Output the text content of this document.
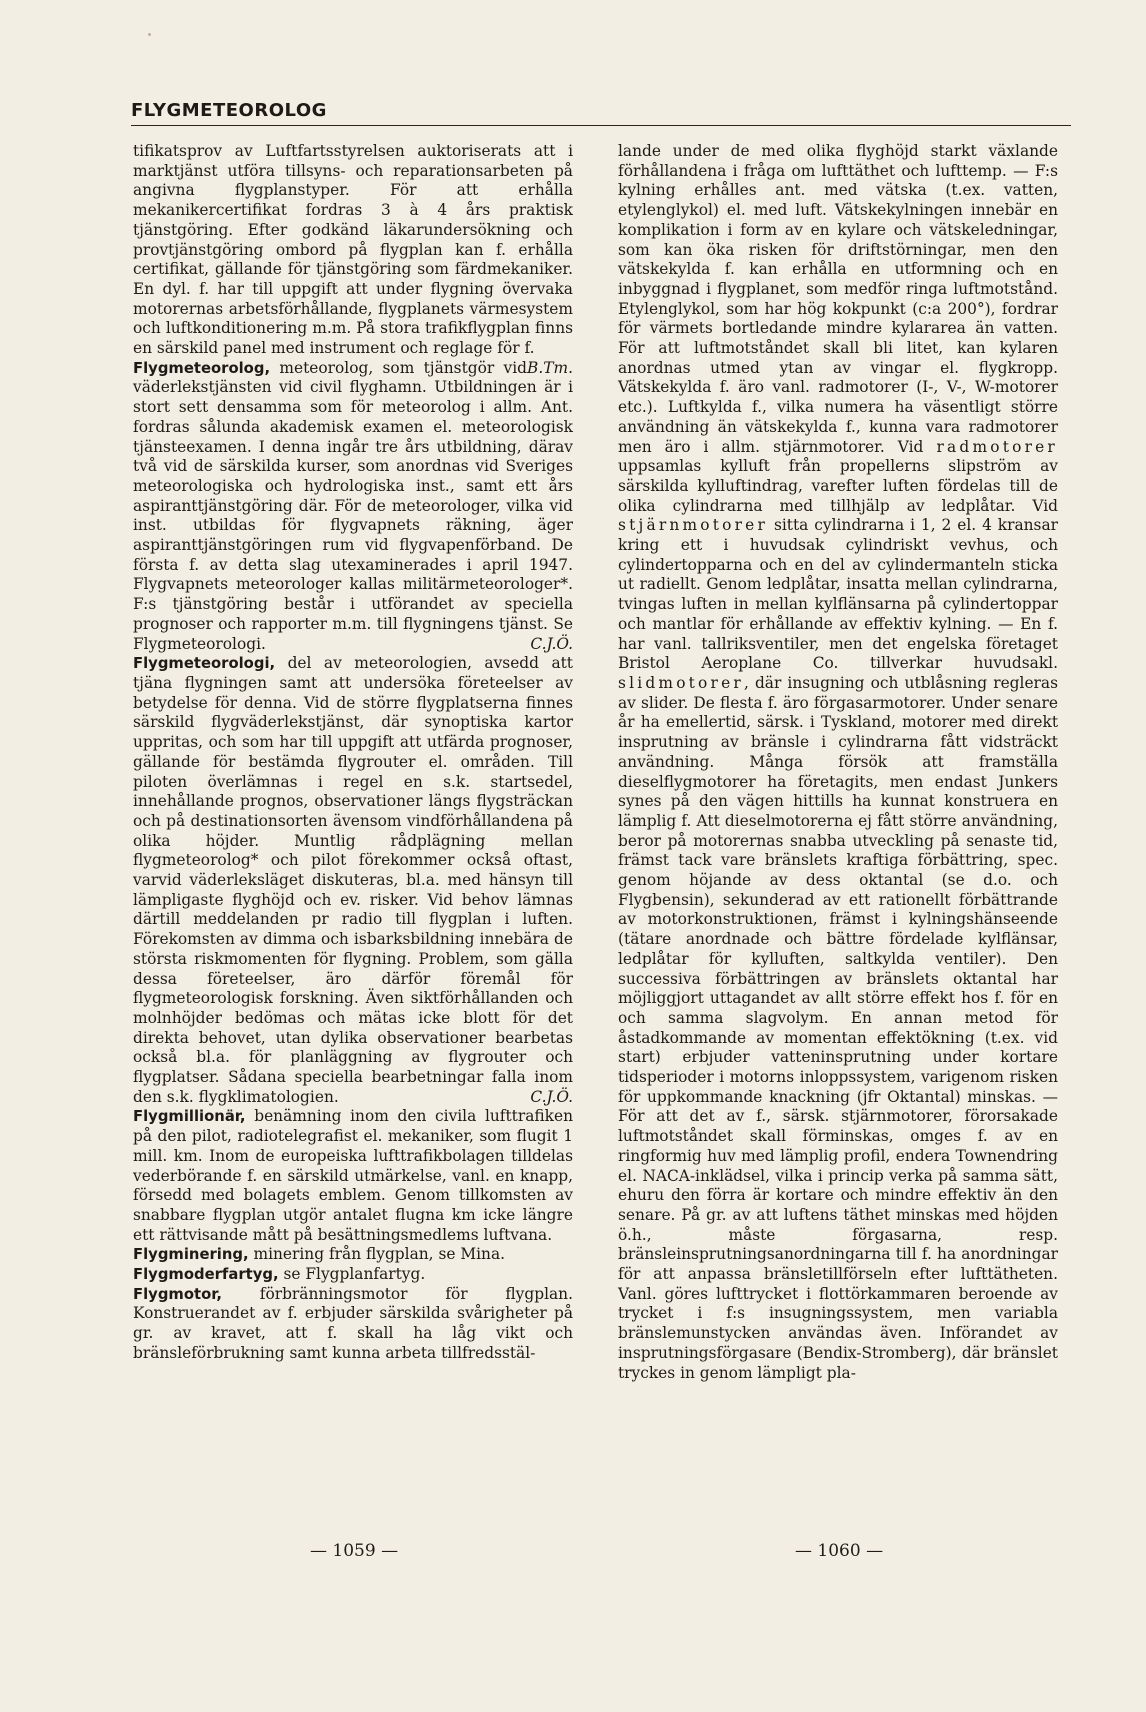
FLYGMETEOROLOG

tifikatsprov av Luftfartsstyrelsen auktoriserats att i marktjänst utföra tillsyns- och reparationsarbeten på angivna flygplanstyper. För att erhålla mekanikercertifikat fordras 3 à 4 års praktisk tjänstgöring. Efter godkänd läkarundersökning och provtjänstgöring ombord på flygplan kan f. erhålla certifikat, gällande för tjänstgöring som färdmekaniker. En dyl. f. har till uppgift att under flygning övervaka motorernas arbetsförhållande, flygplanets värmesystem och luftkonditionering m.m. På stora trafikflygplan finns en särskild panel med instrument och reglage för f.
B.Tm.

Flygmeteorolog, meteorolog, som tjänstgör vid väderlekstjänsten vid civil flyghamn. Utbildningen är i stort sett densamma som för meteorolog i allm. Ant. fordras sålunda akademisk examen el. meteorologisk tjänsteexamen. I denna ingår tre års utbildning, därav två vid de särskilda kurser, som anordnas vid Sveriges meteorologiska och hydrologiska inst., samt ett års aspiranttjänstgöring där. För de meteorologer, vilka vid inst. utbildas för flygvapnets räkning, äger aspiranttjänstgöringen rum vid flygvapenförband. De första f. av detta slag utexaminerades i april 1947. Flygvapnets meteorologer kallas militärmeteorologer*. F:s tjänstgöring består i utförandet av speciella prognoser och rapporter m.m. till flygningens tjänst. Se Flygmeteorologi.	C.J.Ö.

Flygmeteorologi, del av meteorologien, avsedd att tjäna flygningen samt att undersöka företeelser av betydelse för denna. Vid de större flygplatserna finnes särskild flygväderlekstjänst, där synoptiska kartor uppritas, och som har till uppgift att utfärda prognoser, gällande för bestämda flygrouter el. områden. Till piloten överlämnas i regel en s.k. startsedel, innehållande prognos, observationer längs flygsträckan och på destinationsorten ävensom vindförhållandena på olika höjder. Muntlig rådplägning mellan flygmeteorolog* och pilot förekommer också oftast, varvid väderleksläget diskuteras, bl.a. med hänsyn till lämpligaste flyghöjd och ev. risker. Vid behov lämnas därtill meddelanden pr radio till flygplan i luften. Förekomsten av dimma och isbarksbildning innebära de största riskmomenten för flygning. Problem, som gälla dessa företeelser, äro därför föremål för flygmeteorologisk forskning. Även siktförhållanden och molnhöjder bedömas och mätas icke blott för det direkta behovet, utan dylika observationer bearbetas också bl.a. för planläggning av flygrouter och flygplatser. Sådana speciella bearbetningar falla inom den s.k. flygklimatologien.	C.J.Ö.

Flygmillionär, benämning inom den civila lufttrafiken på den pilot, radiotelegrafist el. mekaniker, som flugit 1 mill. km. Inom de europeiska lufttrafikbolagen tilldelas vederbörande f. en särskild utmärkelse, vanl. en knapp, försedd med bolagets emblem. Genom tillkomsten av snabbare flygplan utgör antalet flugna km icke längre ett rättvisande mått på besättningsmedlems luftvana.

Flygminering, minering från flygplan, se Mina.

Flygmoderfartyg, se Flygplanfartyg.

Flygmotor, förbränningsmotor för flygplan. Konstruerandet av f. erbjuder särskilda svårigheter på gr. av kravet, att f. skall ha låg vikt och bränsleförbrukning samt kunna arbeta tillfredsstäl-

lande under de med olika flyghöjd starkt växlande förhållandena i fråga om lufttäthet och lufttemp. — F:s kylning erhålles ant. med vätska (t.ex. vatten, etylenglykol) el. med luft. Vätskekylningen innebär en komplikation i form av en kylare och vätskeledningar, som kan öka risken för driftstörningar, men den vätskekylda f. kan erhålla en utformning och en inbyggnad i flygplanet, som medför ringa luftmotstånd. Etylenglykol, som har hög kokpunkt (c:a 200°), fordrar för värmets bortledande mindre kylararea än vatten. För att luftmotståndet skall bli litet, kan kylaren anordnas utmed ytan av vingar el. flygkropp. Vätskekylda f. äro vanl. radmotorer (I-, V-, W-motorer etc.). Luftkylda f., vilka numera ha väsentligt större användning än vätskekylda f., kunna vara radmotorer men äro i allm. stjärnmotorer. Vid radmotorer uppsamlas kylluft från propellerns slipström av särskilda kylluftindrag, varefter luften fördelas till de olika cylindrarna med tillhjälp av ledplåtar. Vid stjärnmotorer sitta cylindrarna i 1, 2 el. 4 kransar kring ett i huvudsak cylindriskt vevhus, och cylindertopparna och en del av cylindermanteln sticka ut radiellt. Genom ledplåtar, insatta mellan cylindrarna, tvingas luften in mellan kylflänsarna på cylindertoppar och mantlar för erhållande av effektiv kylning. — En f. har vanl. tallriksventiler, men det engelska företaget Bristol Aeroplane Co. tillverkar huvudsakl. slidmotorer, där insugning och utblåsning regleras av slider. De flesta f. äro förgasarmotorer. Under senare år ha emellertid, särsk. i Tyskland, motorer med direkt insprutning av bränsle i cylindrarna fått vidsträckt användning. Många försök att framställa dieselflygmotorer ha företagits, men endast Junkers synes på den vägen hittills ha kunnat konstruera en lämplig f. Att dieselmotorerna ej fått större användning, beror på motorernas snabba utveckling på senaste tid, främst tack vare bränslets kraftiga förbättring, spec. genom höjande av dess oktantal (se d.o. och Flygbensin), sekunderad av ett rationellt förbättrande av motorkonstruktionen, främst i kylningshänseende (tätare anordnade och bättre fördelade kylflänsar, ledplåtar för kylluften, saltkylda ventiler). Den successiva förbättringen av bränslets oktantal har möjliggjort uttagandet av allt större effekt hos f. för en och samma slagvolym. En annan metod för åstadkommande av momentan effektökning (t.ex. vid start) erbjuder vatteninsprutning under kortare tidsperioder i motorns inloppssystem, varigenom risken för uppkommande knackning (jfr Oktantal) minskas. — För att det av f., särsk. stjärnmotorer, förorsakade luftmotståndet skall förminskas, omges f. av en ringformig huv med lämplig profil, endera Townendring el. NACA-inklädsel, vilka i princip verka på samma sätt, ehuru den förra är kortare och mindre effektiv än den senare. På gr. av att luftens täthet minskas med höjden ö.h., måste förgasarna, resp. bränsleinsprutningsanordningarna till f. ha anordningar för att anpassa bränsletillförseln efter lufttätheten. Vanl. göres lufttrycket i flottörkammaren beroende av trycket i f:s insugningssystem, men variabla bränslemunstycken användas även. Införandet av insprutningsförgasare (Bendix-Stromberg), där bränslet tryckes in genom lämpligt pla-

— 1059 —	— 1060 —
